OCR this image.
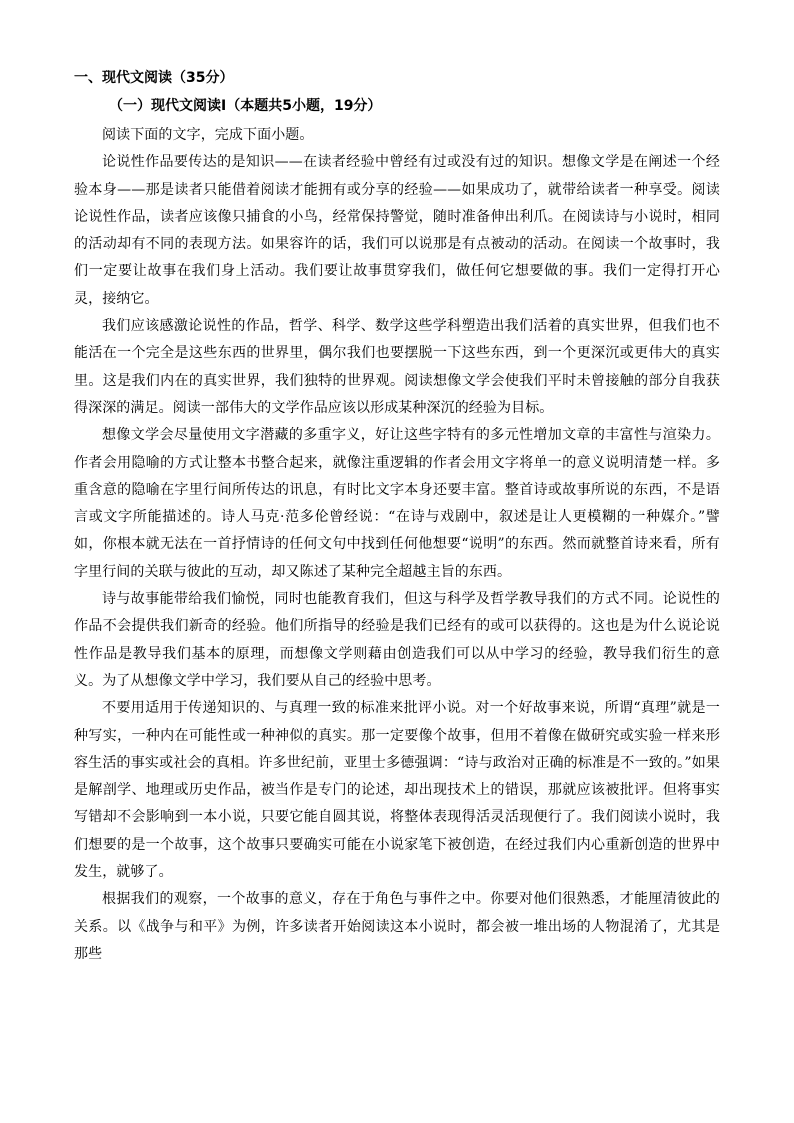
一、现代文阅读（35分）
（一）现代文阅读Ⅰ（本题共5小题，19分）

阅读下面的文字，完成下面小题。

论说性作品要传达的是知识——在读者经验中曾经有过或没有过的知识。想像文学是在阐述一个经验本身——那是读者只能借着阅读才能拥有或分享的经验——如果成功了，就带给读者一种享受。阅读论说性作品，读者应该像只捕食的小鸟，经常保持警觉，随时准备伸出利爪。在阅读诗与小说时，相同的活动却有不同的表现方法。如果容许的话，我们可以说那是有点被动的活动。在阅读一个故事时，我们一定要让故事在我们身上活动。我们要让故事贯穿我们，做任何它想要做的事。我们一定得打开心灵，接纳它。

我们应该感激论说性的作品，哲学、科学、数学这些学科塑造出我们活着的真实世界，但我们也不能活在一个完全是这些东西的世界里，偶尔我们也要摆脱一下这些东西，到一个更深沉或更伟大的真实里。这是我们内在的真实世界，我们独特的世界观。阅读想像文学会使我们平时未曾接触的部分自我获得深深的满足。阅读一部伟大的文学作品应该以形成某种深沉的经验为目标。

想像文学会尽量使用文字潜藏的多重字义，好让这些字特有的多元性增加文章的丰富性与渲染力。作者会用隐喻的方式让整本书整合起来，就像注重逻辑的作者会用文字将单一的意义说明清楚一样。多重含意的隐喻在字里行间所传达的讯息，有时比文字本身还要丰富。整首诗或故事所说的东西，不是语言或文字所能描述的。诗人马克·范多伦曾经说：“在诗与戏剧中，叙述是让人更模糊的一种媒介。”譬如，你根本就无法在一首抒情诗的任何文句中找到任何他想要“说明”的东西。然而就整首诗来看，所有字里行间的关联与彼此的互动，却又陈述了某种完全超越主旨的东西。

诗与故事能带给我们愉悦，同时也能教育我们，但这与科学及哲学教导我们的方式不同。论说性的作品不会提供我们新奇的经验。他们所指导的经验是我们已经有的或可以获得的。这也是为什么说论说性作品是教导我们基本的原理，而想像文学则藉由创造我们可以从中学习的经验，教导我们衍生的意义。为了从想像文学中学习，我们要从自己的经验中思考。

不要用适用于传递知识的、与真理一致的标准来批评小说。对一个好故事来说，所谓“真理”就是一种写实，一种内在可能性或一种神似的真实。那一定要像个故事，但用不着像在做研究或实验一样来形容生活的事实或社会的真相。许多世纪前，亚里士多德强调：“诗与政治对正确的标准是不一致的。”如果是解剖学、地理或历史作品，被当作是专门的论述，却出现技术上的错误，那就应该被批评。但将事实写错却不会影响到一本小说，只要它能自圆其说，将整体表现得活灵活现便行了。我们阅读小说时，我们想要的是一个故事，这个故事只要确实可能在小说家笔下被创造，在经过我们内心重新创造的世界中发生，就够了。

根据我们的观察，一个故事的意义，存在于角色与事件之中。你要对他们很熟悉，才能厘清彼此的关系。以《战争与和平》为例，许多读者开始阅读这本小说时，都会被一堆出场的人物混淆了，尤其是那些
